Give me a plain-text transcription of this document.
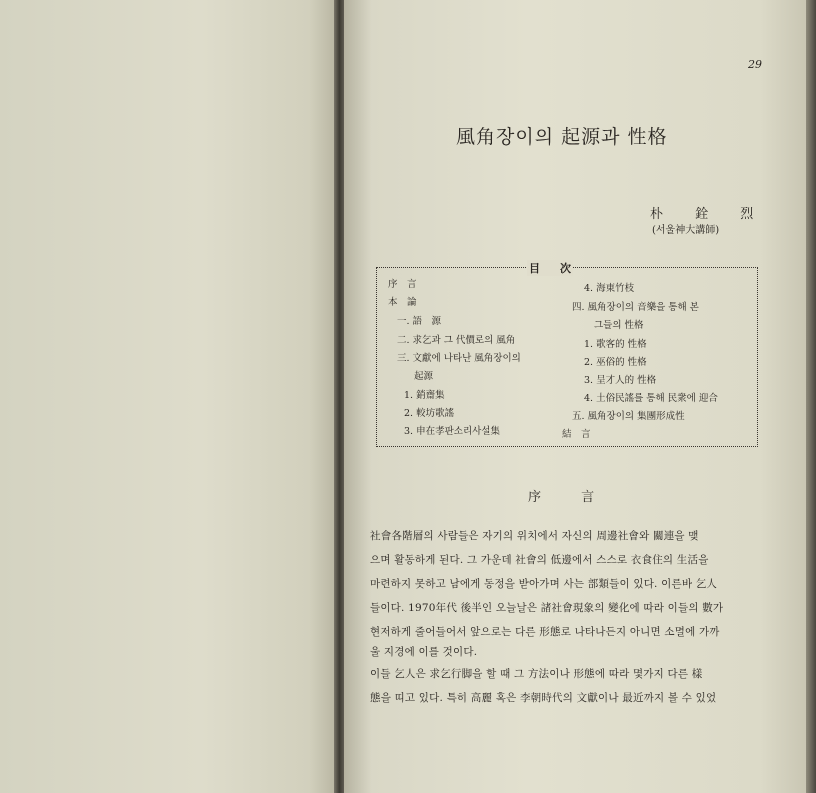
29
風角장이의 起源과 性格
朴 銓 烈
(서울神大講師)
目次
序　言
本　論
一. 語　源
二. 求乞과 그 代價로의 風角
三. 文獻에 나타난 風角장이의
起源
1. 銷齋集
2. 較坊歌謠
3. 申在孝판소리사설集
4. 海東竹枝
四. 風角장이의 音樂을 통해 본
그들의 性格
1. 歌客的 性格
2. 巫俗的 性格
3. 呈才人的 性格
4. 土俗民謠를 통해 民衆에 迎合
五. 風角장이의 集團形成性
結　言
序 言
社會各階層의 사람들은 자기의 위치에서 자신의 周邊社會와 關連을 맺
으며 활동하게 된다. 그 가운데 社會의 低邊에서 스스로 衣食住의 生活을
마련하지 못하고 남에게 동정을 받아가며 사는 部類들이 있다. 이른바 乞人
들이다. 1970年代 後半인 오늘날은 諸社會現象의 變化에 따라 이들의 數가
현저하게 줄어들어서 앞으로는 다른 形態로 나타나든지 아니면 소멸에 가까
울 지경에 이를 것이다.
이들 乞人은 求乞行脚을 할 때 그 方法이나 形態에 따라 몇가지 다른 樣
態을 띠고 있다. 특히 高麗 혹은 李朝時代의 文獻이나 最近까지 볼 수 있었
